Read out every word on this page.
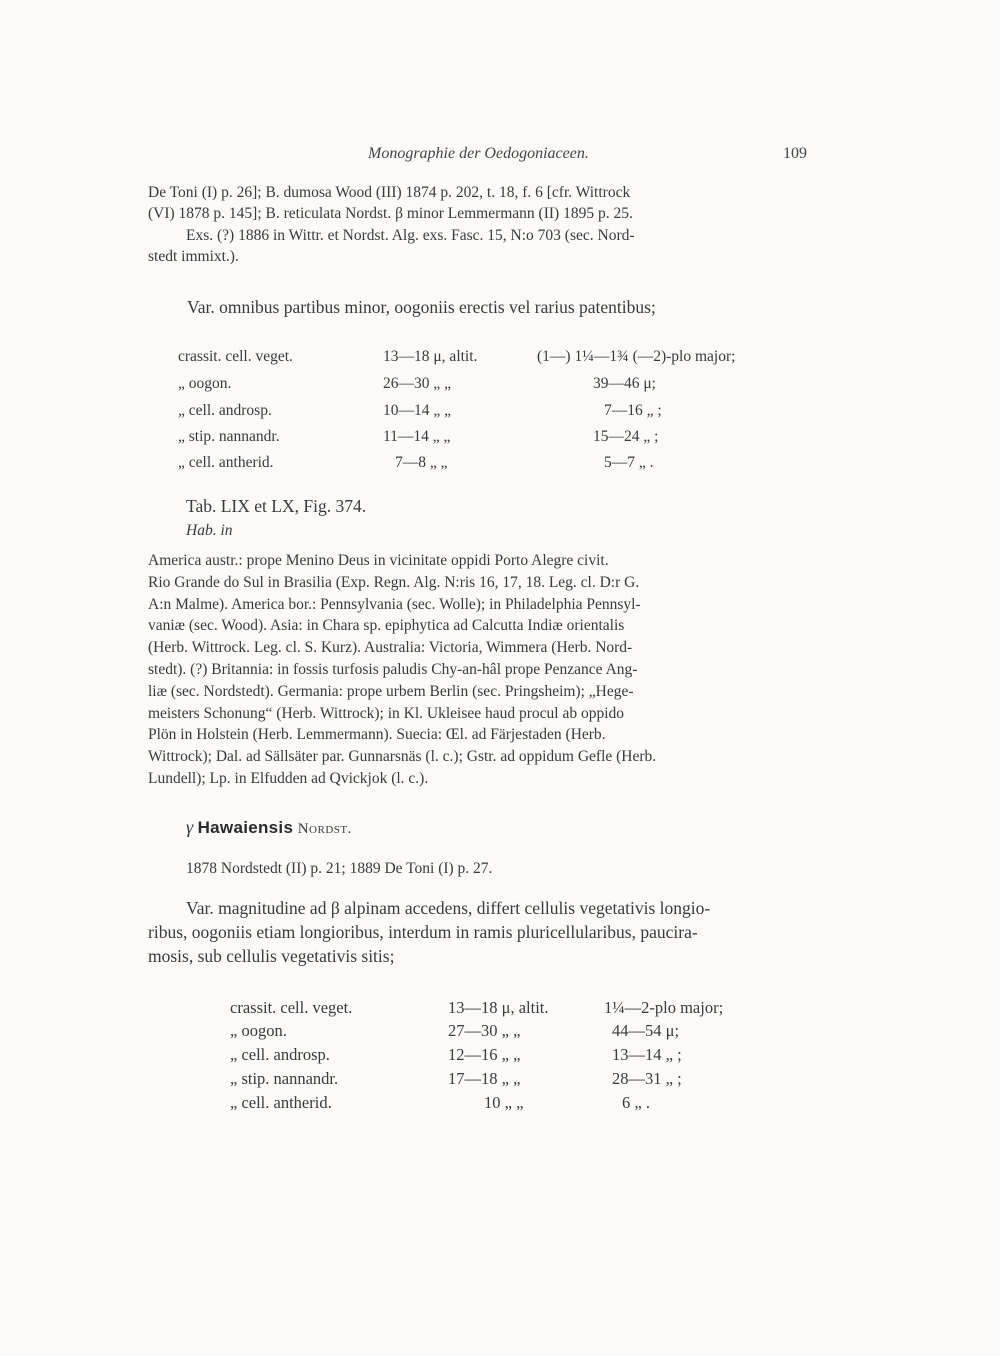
Monographie der Oedogoniaceen.	109
De Toni (I) p. 26]; B. dumosa Wood (III) 1874 p. 202, t. 18, f. 6 [cfr. Wittrock
(VI) 1878 p. 145]; B. reticulata Nordst. β minor Lemmermann (II) 1895 p. 25.
Exs. (?) 1886 in Wittr. et Nordst. Alg. exs. Fasc. 15, N:o 703 (sec. Nord-
stedt immixt.).
Var. omnibus partibus minor, oogoniis erectis vel rarius patentibus;
crassit. cell. veget.	13—18 μ, altit.	(1—) 1¼—1¾ (—2)-plo major;
„ oogon.	26—30 „ „	39—46 μ;
„ cell. androsp.	10—14 „ „	7—16 „ ;
„ stip. nannandr.	11—14 „ „	15—24 „ ;
„ cell. antherid.	7—8 „ „	5—7 „ .
Tab. LIX et LX, Fig. 374.
Hab. in
America austr.: prope Menino Deus in vicinitate oppidi Porto Alegre civit.
Rio Grande do Sul in Brasilia (Exp. Regn. Alg. N:ris 16, 17, 18. Leg. cl. D:r G.
A:n Malme). America bor.: Pennsylvania (sec. Wolle); in Philadelphia Pennsyl-
vaniæ (sec. Wood). Asia: in Chara sp. epiphytica ad Calcutta Indiæ orientalis
(Herb. Wittrock. Leg. cl. S. Kurz). Australia: Victoria, Wimmera (Herb. Nord-
stedt). (?) Britannia: in fossis turfosis paludis Chy-an-hâl prope Penzance Ang-
liæ (sec. Nordstedt). Germania: prope urbem Berlin (sec. Pringsheim); „Hege-
meisters Schonung“ (Herb. Wittrock); in Kl. Ukleisee haud procul ab oppido
Plön in Holstein (Herb. Lemmermann). Suecia: Œl. ad Färjestaden (Herb.
Wittrock); Dal. ad Sällsäter par. Gunnarsnäs (l. c.); Gstr. ad oppidum Gefle (Herb.
Lundell); Lp. in Elfudden ad Qvickjok (l. c.).
γ Hawaiensis Nordst.
1878 Nordstedt (II) p. 21; 1889 De Toni (I) p. 27.
Var. magnitudine ad β alpinam accedens, differt cellulis vegetativis longio-
ribus, oogoniis etiam longioribus, interdum in ramis pluricellularibus, paucira-
mosis, sub cellulis vegetativis sitis;
crassit. cell. veget.	13—18 μ, altit.	1¼—2-plo major;
„ oogon.	27—30 „ „	44—54 μ;
„ cell. androsp.	12—16 „ „	13—14 „ ;
„ stip. nannandr.	17—18 „ „	28—31 „ ;
„ cell. antherid.	10 „ „	6 „ .
